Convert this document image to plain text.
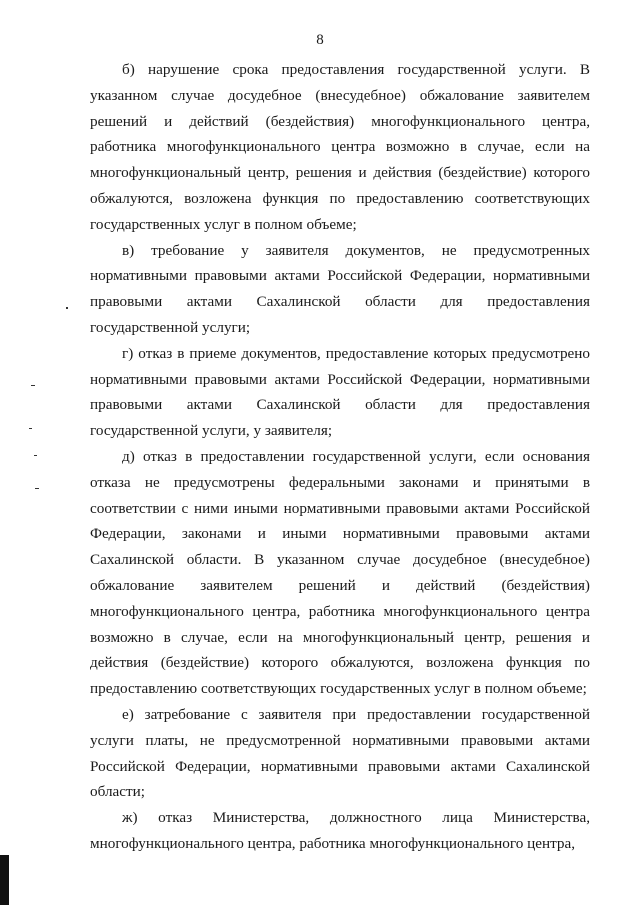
8

б) нарушение срока предоставления государственной услуги. В указанном случае досудебное (внесудебное) обжалование заявителем решений и действий (бездействия) многофункционального центра, работника многофункционального центра возможно в случае, если на многофункциональный центр, решения и действия (бездействие) которого обжалуются, возложена функция по предоставлению соответствующих государственных услуг в полном объеме;

в) требование у заявителя документов, не предусмотренных нормативными правовыми актами Российской Федерации, нормативными правовыми актами Сахалинской области для предоставления государственной услуги;

г) отказ в приеме документов, предоставление которых предусмотрено нормативными правовыми актами Российской Федерации, нормативными правовыми актами Сахалинской области для предоставления государственной услуги, у заявителя;

д) отказ в предоставлении государственной услуги, если основания отказа не предусмотрены федеральными законами и принятыми в соответствии с ними иными нормативными правовыми актами Российской Федерации, законами и иными нормативными правовыми актами Сахалинской области. В указанном случае досудебное (внесудебное) обжалование заявителем решений и действий (бездействия) многофункционального центра, работника многофункционального центра возможно в случае, если на многофункциональный центр, решения и действия (бездействие) которого обжалуются, возложена функция по предоставлению соответствующих государственных услуг в полном объеме;

е) затребование с заявителя при предоставлении государственной услуги платы, не предусмотренной нормативными правовыми актами Российской Федерации, нормативными правовыми актами Сахалинской области;

ж) отказ Министерства, должностного лица Министерства, многофункционального центра, работника многофункционального центра,
